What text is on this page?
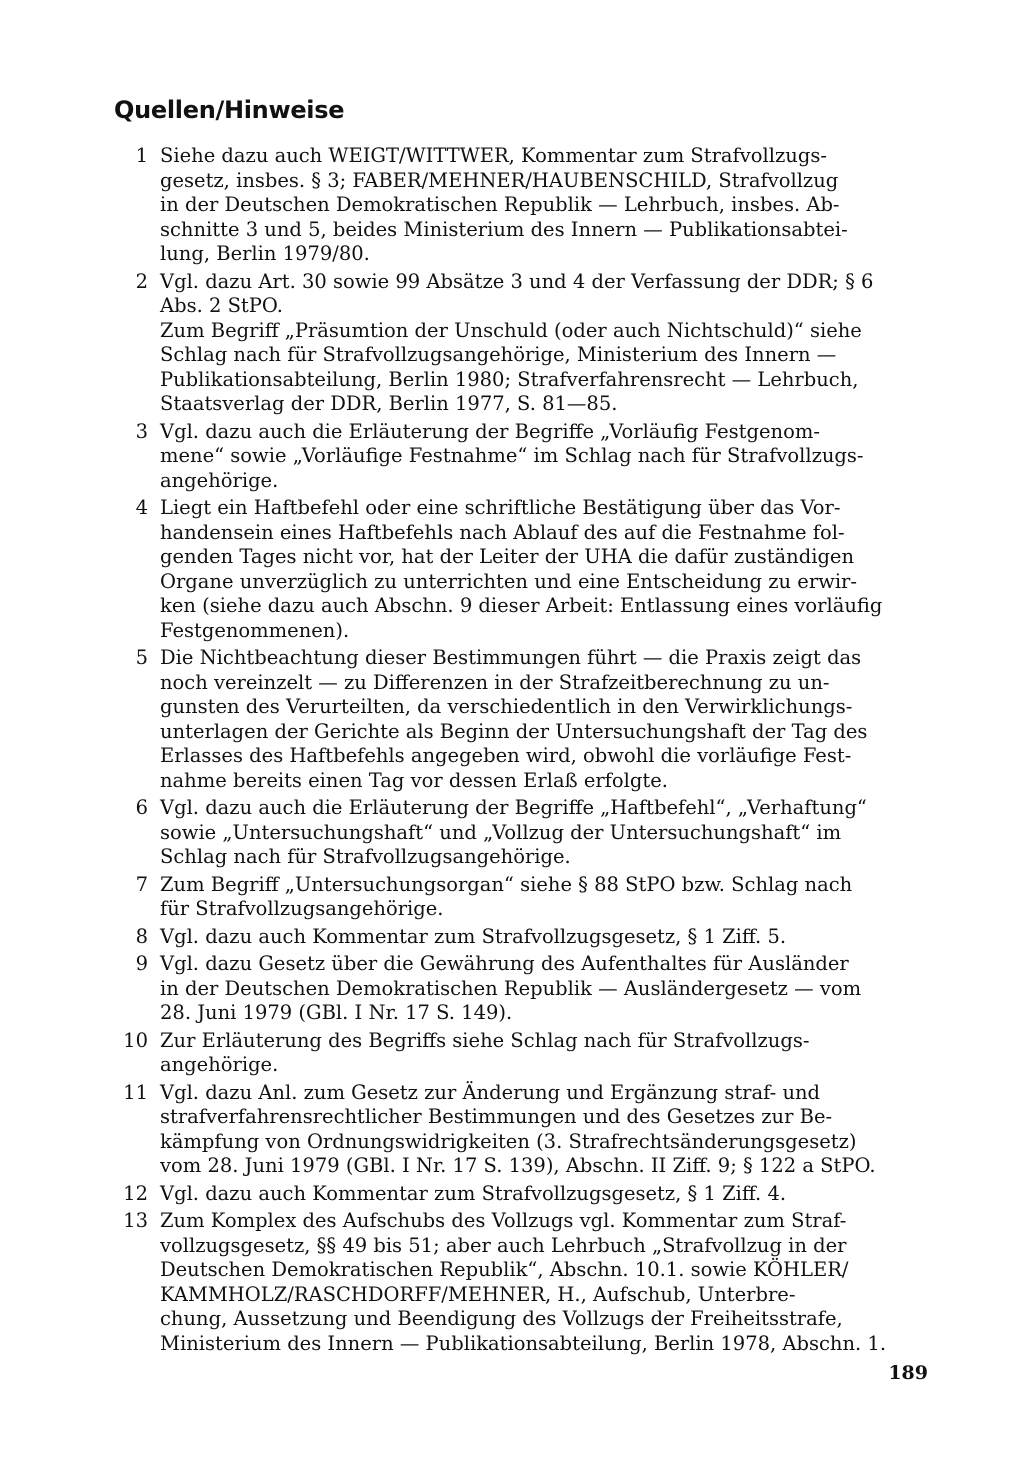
Quellen/Hinweise
1 Siehe dazu auch WEIGT/WITTWER, Kommentar zum Strafvollzugs-
gesetz, insbes. § 3; FABER/MEHNER/HAUBENSCHILD, Strafvollzug
in der Deutschen Demokratischen Republik — Lehrbuch, insbes. Ab-
schnitte 3 und 5, beides Ministerium des Innern — Publikationsabtei-
lung, Berlin 1979/80.
2 Vgl. dazu Art. 30 sowie 99 Absätze 3 und 4 der Verfassung der DDR; § 6
Abs. 2 StPO.
Zum Begriff „Präsumtion der Unschuld (oder auch Nichtschuld)“ siehe
Schlag nach für Strafvollzugsangehörige, Ministerium des Innern —
Publikationsabteilung, Berlin 1980; Strafverfahrensrecht — Lehrbuch,
Staatsverlag der DDR, Berlin 1977, S. 81—85.
3 Vgl. dazu auch die Erläuterung der Begriffe „Vorläufig Festgenom-
mene“ sowie „Vorläufige Festnahme“ im Schlag nach für Strafvollzugs-
angehörige.
4 Liegt ein Haftbefehl oder eine schriftliche Bestätigung über das Vor-
handensein eines Haftbefehls nach Ablauf des auf die Festnahme fol-
genden Tages nicht vor, hat der Leiter der UHA die dafür zuständigen
Organe unverzüglich zu unterrichten und eine Entscheidung zu erwir-
ken (siehe dazu auch Abschn. 9 dieser Arbeit: Entlassung eines vorläufig
Festgenommenen).
5 Die Nichtbeachtung dieser Bestimmungen führt — die Praxis zeigt das
noch vereinzelt — zu Differenzen in der Strafzeitberechnung zu un-
gunsten des Verurteilten, da verschiedentlich in den Verwirklichungs-
unterlagen der Gerichte als Beginn der Untersuchungshaft der Tag des
Erlasses des Haftbefehls angegeben wird, obwohl die vorläufige Fest-
nahme bereits einen Tag vor dessen Erlaß erfolgte.
6 Vgl. dazu auch die Erläuterung der Begriffe „Haftbefehl“, „Verhaftung“
sowie „Untersuchungshaft“ und „Vollzug der Untersuchungshaft“ im
Schlag nach für Strafvollzugsangehörige.
7 Zum Begriff „Untersuchungsorgan“ siehe § 88 StPO bzw. Schlag nach
für Strafvollzugsangehörige.
8 Vgl. dazu auch Kommentar zum Strafvollzugsgesetz, § 1 Ziff. 5.
9 Vgl. dazu Gesetz über die Gewährung des Aufenthaltes für Ausländer
in der Deutschen Demokratischen Republik — Ausländergesetz — vom
28. Juni 1979 (GBl. I Nr. 17 S. 149).
10 Zur Erläuterung des Begriffs siehe Schlag nach für Strafvollzugs-
angehörige.
11 Vgl. dazu Anl. zum Gesetz zur Änderung und Ergänzung straf- und
strafverfahrensrechtlicher Bestimmungen und des Gesetzes zur Be-
kämpfung von Ordnungswidrigkeiten (3. Strafrechtsänderungsgesetz)
vom 28. Juni 1979 (GBl. I Nr. 17 S. 139), Abschn. II Ziff. 9; § 122 a StPO.
12 Vgl. dazu auch Kommentar zum Strafvollzugsgesetz, § 1 Ziff. 4.
13 Zum Komplex des Aufschubs des Vollzugs vgl. Kommentar zum Straf-
vollzugsgesetz, §§ 49 bis 51; aber auch Lehrbuch „Strafvollzug in der
Deutschen Demokratischen Republik“, Abschn. 10.1. sowie KÖHLER/
KAMMHOLZ/RASCHDORFF/MEHNER, H., Aufschub, Unterbre-
chung, Aussetzung und Beendigung des Vollzugs der Freiheitsstrafe,
Ministerium des Innern — Publikationsabteilung, Berlin 1978, Abschn. 1.
189
